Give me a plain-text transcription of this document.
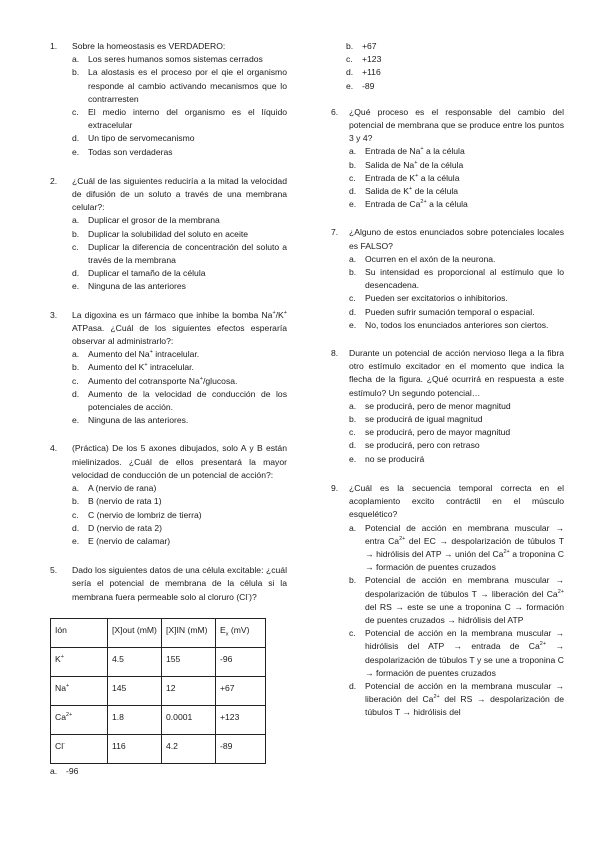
1. Sobre la homeostasis es VERDADERO:
a. Los seres humanos somos sistemas cerrados
b. La alostasis es el proceso por el qie el organismo responde al cambio activando mecanismos que lo contrarresten
c. El medio interno del organismo es el líquido extracelular
d. Un tipo de servomecanismo
e. Todas son verdaderas
2. ¿Cuál de las siguientes reduciría a la mitad la velocidad de difusión de un soluto a través de una membrana celular?:
a. Duplicar el grosor de la membrana
b. Duplicar la solubilidad del soluto en aceite
c. Duplicar la diferencia de concentración del soluto a través de la membrana
d. Duplicar el tamaño de la célula
e. Ninguna de las anteriores
3. La digoxina es un fármaco que inhibe la bomba Na+/K+ ATPasa. ¿Cuál de los siguientes efectos esperaría observar al administrarlo?:
a. Aumento del Na+ intracelular.
b. Aumento del K+ intracelular.
c. Aumento del cotransporte Na+/glucosa.
d. Aumento de la velocidad de conducción de los potenciales de acción.
e. Ninguna de las anteriores.
4. (Práctica) De los 5 axones dibujados, solo A y B están mielinizados. ¿Cuál de ellos presentará la mayor velocidad de conducción de un potencial de acción?:
a. A (nervio de rana)
b. B (nervio de rata 1)
c. C (nervio de lombriz de tierra)
d. D (nervio de rata 2)
e. E (nervio de calamar)
5. Dado los siguientes datos de una célula excitable: ¿cuál sería el potencial de membrana de la célula si la membrana fuera permeable solo al cloruro (Cl-)?
Ión	[X]out (mM)	[X]IN (mM)	$E_x$ (mV)
K+	4.5	155	-96
Na+	145	12	+67
$Ca^{2+}$	1.8	0.0001	+123
Cl-	116	4.2	-89
a. -96
b. +67
c. +123
d. +116
e. -89
6. ¿Qué proceso es el responsable del cambio del potencial de membrana que se produce entre los puntos 3 y 4?
a. Entrada de Na+ a la célula
b. Salida de Na+ de la célula
c. Entrada de K+ a la célula
d. Salida de K+ de la célula
e. Entrada de $Ca^{2+}$ a la célula
7. ¿Alguno de estos enunciados sobre potenciales locales es FALSO?
a. Ocurren en el axón de la neurona.
b. Su intensidad es proporcional al estímulo que lo desencadena.
c. Pueden ser excitatorios o inhibitorios.
d. Pueden sufrir sumación temporal o espacial.
e. No, todos los enunciados anteriores son ciertos.
8. Durante un potencial de acción nervioso llega a la fibra otro estímulo excitador en el momento que indica la flecha de la figura. ¿Qué ocurrirá en respuesta a este estímulo? Un segundo potencial…
a. se producirá, pero de menor magnitud
b. se producirá de igual magnitud
c. se producirá, pero de mayor magnitud
d. se producirá, pero con retraso
e. no se producirá
9. ¿Cuál es la secuencia temporal correcta en el acoplamiento excito contráctil en el músculo esquelético?
a. Potencial de acción en membrana muscular → entra $Ca^{2+}$ del EC → despolarización de túbulos T → hidrólisis del ATP → unión del $Ca^{2+}$ a troponina C → formación de puentes cruzados
b. Potencial de acción en membrana muscular → despolarización de túbulos T → liberación del $Ca^{2+}$ del RS → este se une a troponina C → formación de puentes cruzados → hidrólisis del ATP
c. Potencial de acción en la membrana muscular → hidrólisis del ATP → entrada de $Ca^{2+}$ → despolarización de túbulos T y se une a troponina C → formación de puentes cruzados
d. Potencial de acción en la membrana muscular → liberación del $Ca^{2+}$ del RS → despolarización de túbulos T → hidrólisis del
